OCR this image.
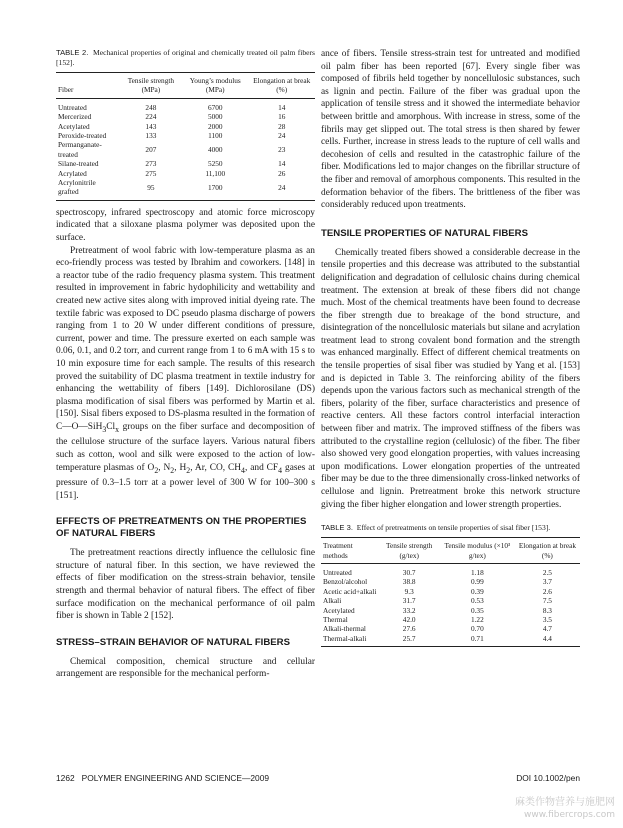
TABLE 2. Mechanical properties of original and chemically treated oil palm fibers [152].

Fiber	Tensile strength (MPa)	Young’s modulus (MPa)	Elongation at break (%)
Untreated	248	6700	14
Mercerized	224	5000	16
Acetylated	143	2000	28
Peroxide-treated	133	1100	24
Permanganate-treated	207	4000	23
Silane-treated	273	5250	14
Acrylated	275	11,100	26
Acrylonitrile grafted	95	1700	24

spectroscopy, infrared spectroscopy and atomic force microscopy indicated that a siloxane plasma polymer was deposited upon the surface.

Pretreatment of wool fabric with low-temperature plasma as an eco-friendly process was tested by Ibrahim and coworkers. [148] in a reactor tube of the radio frequency plasma system. This treatment resulted in improvement in fabric hydophilicity and wettability and created new active sites along with improved initial dyeing rate. The textile fabric was exposed to DC pseudo plasma discharge of powers ranging from 1 to 20 W under different conditions of pressure, current, power and time. The pressure exerted on each sample was 0.06, 0.1, and 0.2 torr, and current range from 1 to 6 mA with 15 s to 10 min exposure time for each sample. The results of this research proved the suitability of DC plasma treatment in textile industry for enhancing the wettability of fibers [149]. Dichlorosilane (DS) plasma modification of sisal fibers was performed by Martin et al. [150]. Sisal fibers exposed to DS-plasma resulted in the formation of $C—O—SiH_3Cl_x$ groups on the fiber surface and decomposition of the cellulose structure of the surface layers. Various natural fibers such as cotton, wool and silk were exposed to the action of low-temperature plasmas of $O_2$, $N_2$, $H_2$, Ar, CO, $CH_4$, and $CF_4$ gases at pressure of 0.3–1.5 torr at a power level of 300 W for 100–300 s [151].

EFFECTS OF PRETREATMENTS ON THE PROPERTIES OF NATURAL FIBERS

The pretreatment reactions directly influence the cellulosic fine structure of natural fiber. In this section, we have reviewed the effects of fiber modification on the stress-strain behavior, tensile strength and thermal behavior of natural fibers. The effect of fiber surface modification on the mechanical performance of oil palm fiber is shown in Table 2 [152].

STRESS–STRAIN BEHAVIOR OF NATURAL FIBERS

Chemical composition, chemical structure and cellular arrangement are responsible for the mechanical perform-

ance of fibers. Tensile stress-strain test for untreated and modified oil palm fiber has been reported [67]. Every single fiber was composed of fibrils held together by noncellulosic substances, such as lignin and pectin. Failure of the fiber was gradual upon the application of tensile stress and it showed the intermediate behavior between brittle and amorphous. With increase in stress, some of the fibrils may get slipped out. The total stress is then shared by fewer cells. Further, increase in stress leads to the rupture of cell walls and decohesion of cells and resulted in the catastrophic failure of the fiber. Modifications led to major changes on the fibrillar structure of the fiber and removal of amorphous components. This resulted in the deformation behavior of the fibers. The brittleness of the fiber was considerably reduced upon treatments.

TENSILE PROPERTIES OF NATURAL FIBERS

Chemically treated fibers showed a considerable decrease in the tensile properties and this decrease was attributed to the substantial delignification and degradation of cellulosic chains during chemical treatment. The extension at break of these fibers did not change much. Most of the chemical treatments have been found to decrease the fiber strength due to breakage of the bond structure, and disintegration of the noncellulosic materials but silane and acrylation treatment lead to strong covalent bond formation and the strength was enhanced marginally. Effect of different chemical treatments on the tensile properties of sisal fiber was studied by Yang et al. [153] and is depicted in Table 3. The reinforcing ability of the fibers depends upon the various factors such as mechanical strength of the fibers, polarity of the fiber, surface characteristics and presence of reactive centers. All these factors control interfacial interaction between fiber and matrix. The improved stiffness of the fibers was attributed to the crystalline region (cellulosic) of the fiber. The fiber also showed very good elongation properties, with values increasing upon modifications. Lower elongation properties of the untreated fiber may be due to the three dimensionally cross-linked networks of cellulose and lignin. Pretreatment broke this network structure giving the fiber higher elongation and lower strength properties.

TABLE 3. Effect of pretreatments on tensile properties of sisal fiber [153].

Treatment methods	Tensile strength (g/tex)	Tensile modulus (×10³ g/tex)	Elongation at break (%)
Untreated	30.7	1.18	2.5
Benzol/alcohol	38.8	0.99	3.7
Acetic acid+alkali	9.3	0.39	2.6
Alkali	31.7	0.53	7.5
Acetylated	33.2	0.35	8.3
Thermal	42.0	1.22	3.5
Alkali-thermal	27.6	0.70	4.7
Thermal-alkali	25.7	0.71	4.4
1262   POLYMER ENGINEERING AND SCIENCE—2009	DOI 10.1002/pen
麻类作物营养与施肥网
www.fibercrops.com
